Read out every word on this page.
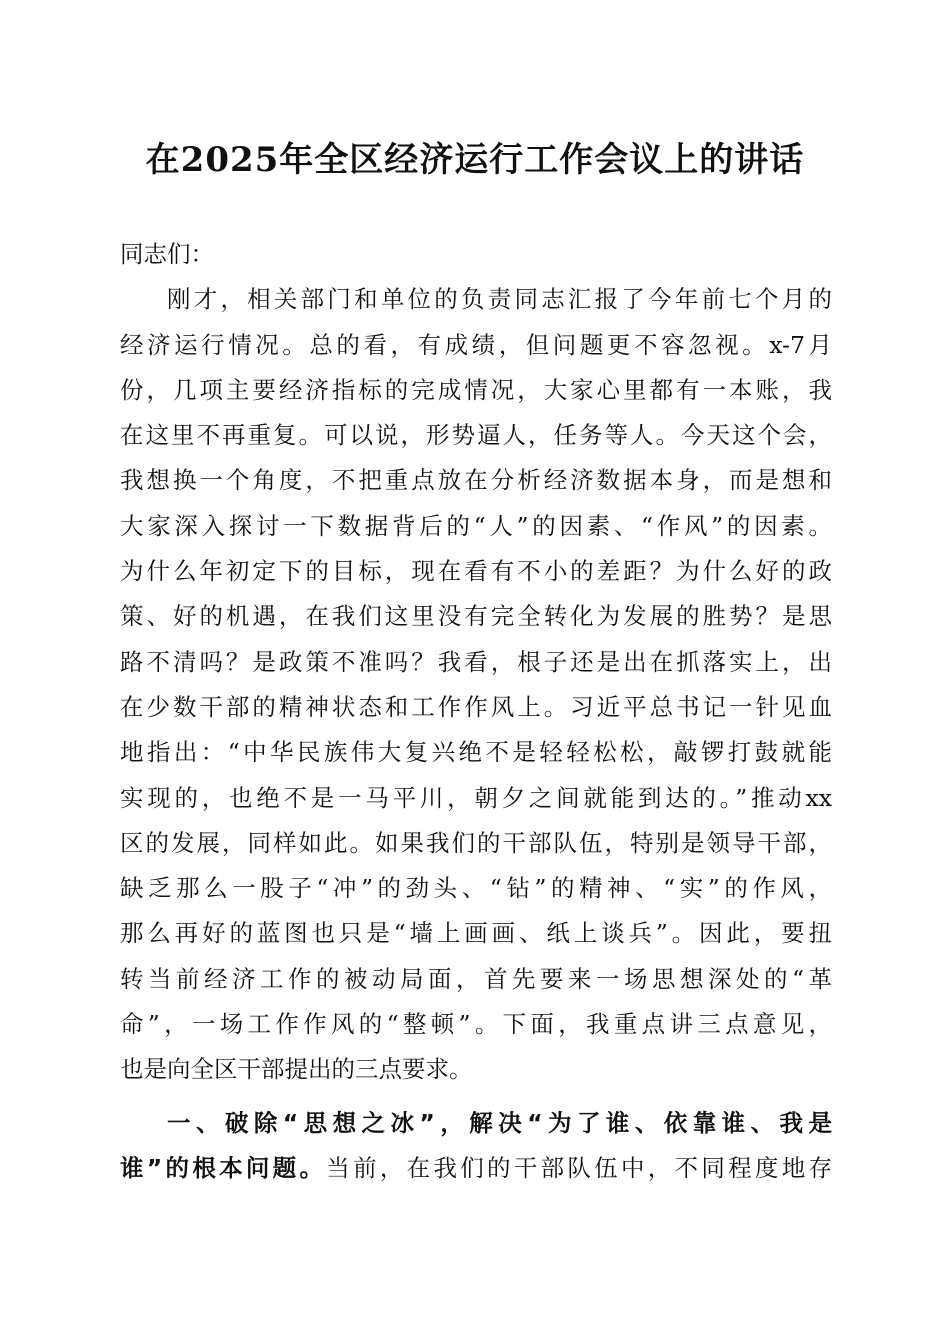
在2025年全区经济运行工作会议上的讲话
同志们：
刚才，相关部门和单位的负责同志汇报了今年前七个月的
经济运行情况。总的看，有成绩，但问题更不容忽视。x-7月
份，几项主要经济指标的完成情况，大家心里都有一本账，我
在这里不再重复。可以说，形势逼人，任务等人。今天这个会，
我想换一个角度，不把重点放在分析经济数据本身，而是想和
大家深入探讨一下数据背后的“人”的因素、“作风”的因素。
为什么年初定下的目标，现在看有不小的差距？为什么好的政
策、好的机遇，在我们这里没有完全转化为发展的胜势？是思
路不清吗？是政策不准吗？我看，根子还是出在抓落实上，出
在少数干部的精神状态和工作作风上。习近平总书记一针见血
地指出：“中华民族伟大复兴绝不是轻轻松松，敲锣打鼓就能
实现的，也绝不是一马平川，朝夕之间就能到达的。”推动xx
区的发展，同样如此。如果我们的干部队伍，特别是领导干部，
缺乏那么一股子“冲”的劲头、“钻”的精神、“实”的作风，
那么再好的蓝图也只是“墙上画画、纸上谈兵”。因此，要扭
转当前经济工作的被动局面，首先要来一场思想深处的“革
命”，一场工作作风的“整顿”。下面，我重点讲三点意见，
也是向全区干部提出的三点要求。
一、破除“思想之冰”，解决“为了谁、依靠谁、我是
谁”的根本问题。当前，在我们的干部队伍中，不同程度地存
